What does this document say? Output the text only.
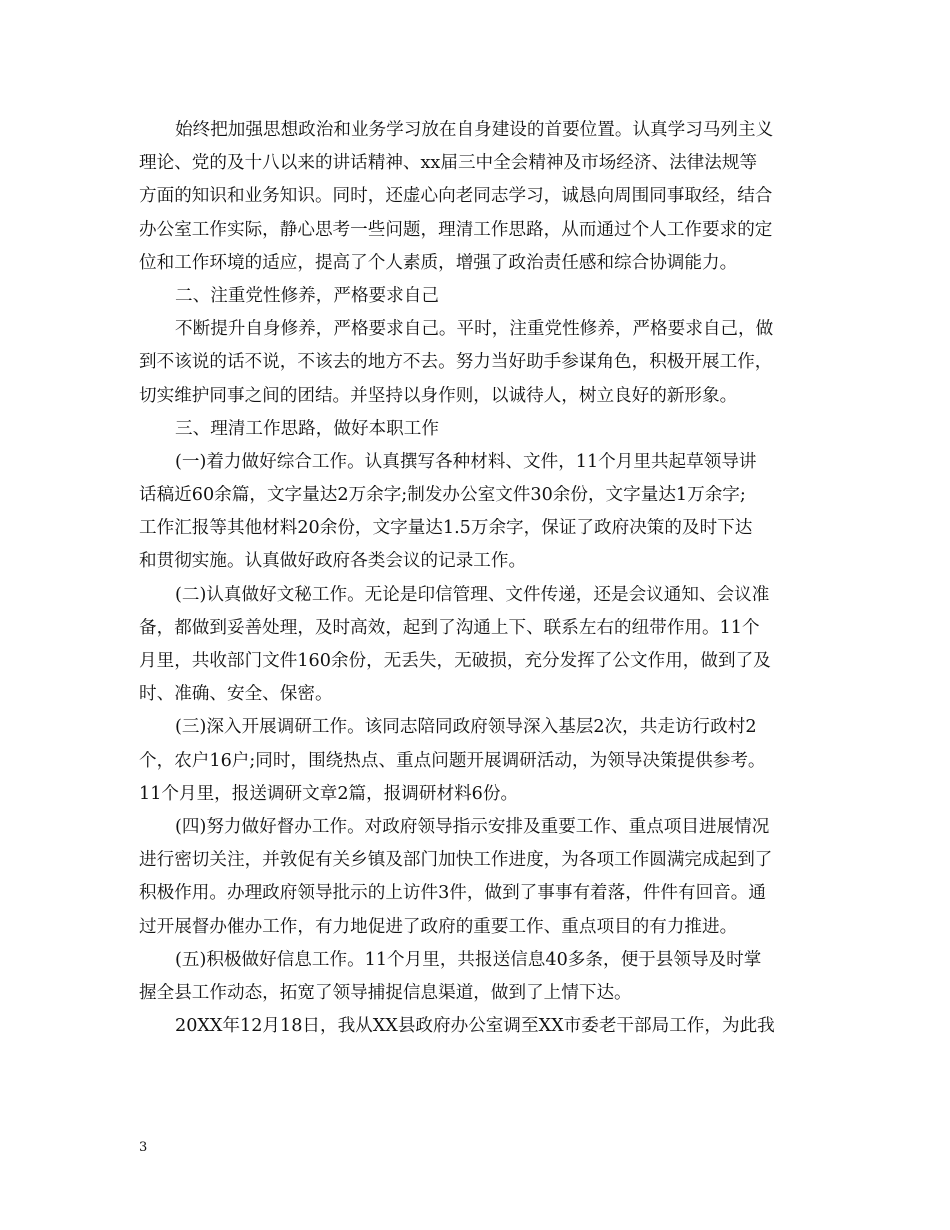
始终把加强思想政治和业务学习放在自身建设的首要位置。认真学习马列主义
理论、党的及十八以来的讲话精神、xx届三中全会精神及市场经济、法律法规等
方面的知识和业务知识。同时，还虚心向老同志学习，诚恳向周围同事取经，结合
办公室工作实际，静心思考一些问题，理清工作思路，从而通过个人工作要求的定
位和工作环境的适应，提高了个人素质，增强了政治责任感和综合协调能力。
二、注重党性修养，严格要求自己
不断提升自身修养，严格要求自己。平时，注重党性修养，严格要求自己，做
到不该说的话不说，不该去的地方不去。努力当好助手参谋角色，积极开展工作，
切实维护同事之间的团结。并坚持以身作则，以诚待人，树立良好的新形象。
三、理清工作思路，做好本职工作
(一)着力做好综合工作。认真撰写各种材料、文件，11个月里共起草领导讲
话稿近60余篇，文字量达2万余字;制发办公室文件30余份，文字量达1万余字;
工作汇报等其他材料20余份，文字量达1.5万余字，保证了政府决策的及时下达
和贯彻实施。认真做好政府各类会议的记录工作。
(二)认真做好文秘工作。无论是印信管理、文件传递，还是会议通知、会议准
备，都做到妥善处理，及时高效，起到了沟通上下、联系左右的纽带作用。11个
月里，共收部门文件160余份，无丢失，无破损，充分发挥了公文作用，做到了及
时、准确、安全、保密。
(三)深入开展调研工作。该同志陪同政府领导深入基层2次，共走访行政村2
个，农户16户;同时，围绕热点、重点问题开展调研活动，为领导决策提供参考。
11个月里，报送调研文章2篇，报调研材料6份。
(四)努力做好督办工作。对政府领导指示安排及重要工作、重点项目进展情况
进行密切关注，并敦促有关乡镇及部门加快工作进度，为各项工作圆满完成起到了
积极作用。办理政府领导批示的上访件3件，做到了事事有着落，件件有回音。通
过开展督办催办工作，有力地促进了政府的重要工作、重点项目的有力推进。
(五)积极做好信息工作。11个月里，共报送信息40多条，便于县领导及时掌
握全县工作动态，拓宽了领导捕捉信息渠道，做到了上情下达。
20XX年12月18日，我从XX县政府办公室调至XX市委老干部局工作，为此我
3
